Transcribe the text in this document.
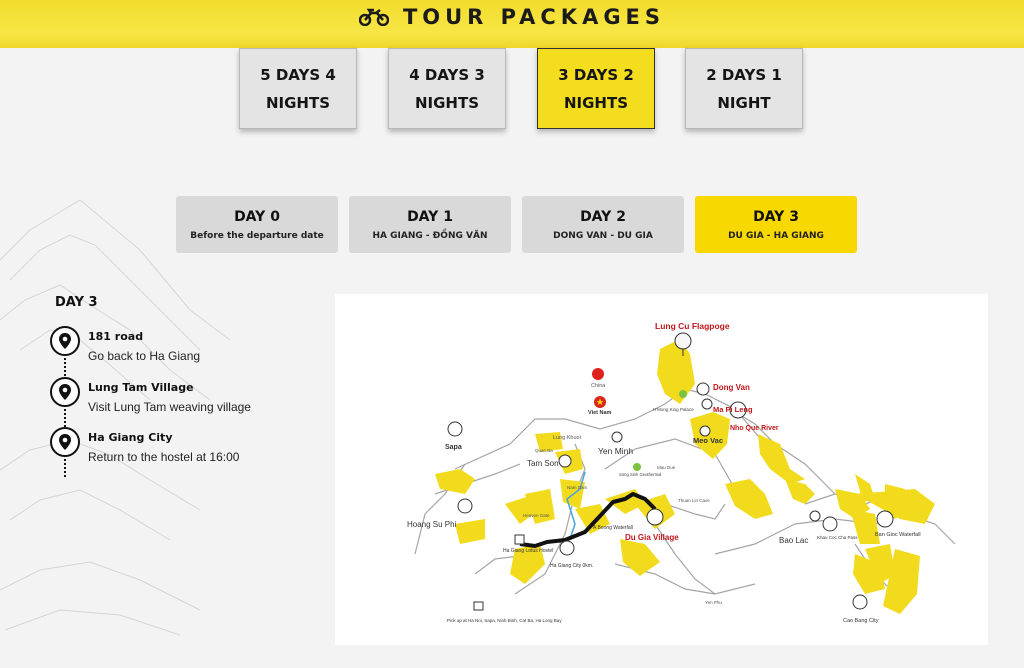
TOUR PACKAGES
5 DAYS 4 NIGHTS
4 DAYS 3 NIGHTS
3 DAYS 2 NIGHTS
2 DAYS 1 NIGHT
DAY 0
Before the departure date
DAY 1
HA GIANG - ĐỒNG VĂN
DAY 2
DONG VAN - DU GIA
DAY 3
DU GIA - HA GIANG
DAY 3
181 road
Go back to Ha Giang
Lung Tam Village
Visit Lung Tam weaving village
Ha Giang City
Return to the hostel at 16:00
Lung Cu Flagpoge
China
Viet Nam
Dong Van
Ma Pi Leng
Nho Que River
Meo Vac
H'Mong King Palace
Sapa
Lung Khuoi
Quan Ba	Yen Minh
Tam Son
Song Sinh Geothermal
Mau Due
Nam Dam
Thuan Lin Cave
Hoang Su Phi
Heaven Gate
A Boong Waterfall
Du Gia Village	Bao Lac Khau Coc Cha Pass	Ban Gioc Waterfall
Ha Giang Lotus Hostel
Ha Giang City 0km.
Pick up at Ha Noi, Sapa, Ninh Binh, Cat Ba, Ha Long Bay
Yen Phu
Cao Bang City
